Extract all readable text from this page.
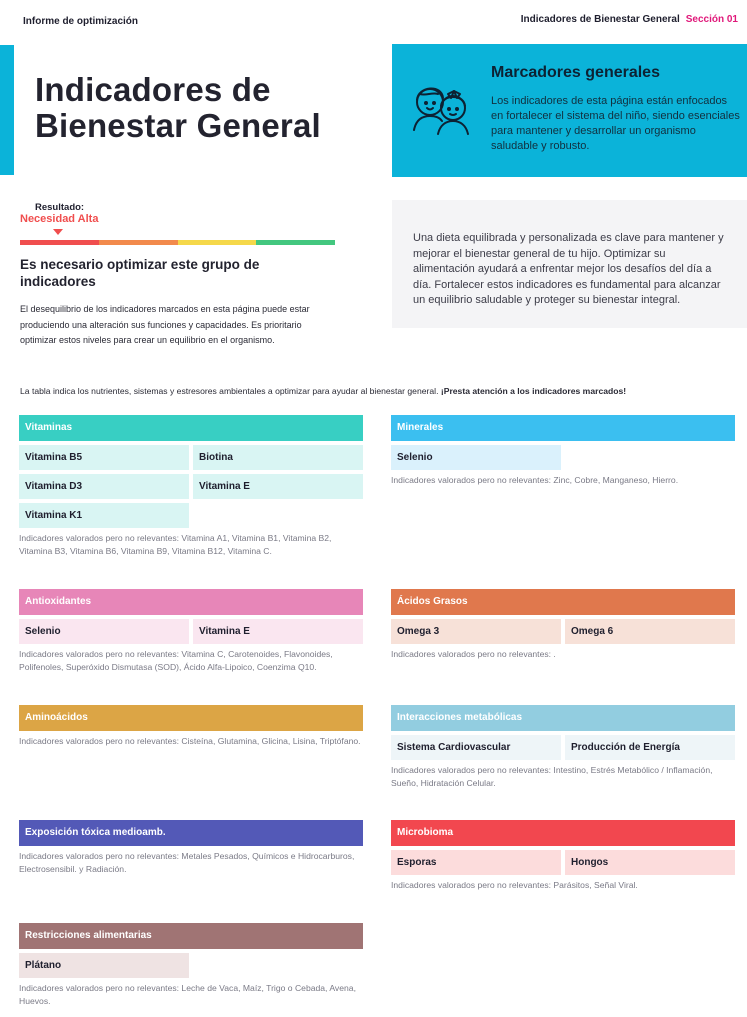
Informe de optimización	Indicadores de Bienestar General Sección 01
Indicadores de
Bienestar General
Marcadores generales
Los indicadores de esta página están enfocados en fortalecer el sistema del niño, siendo esenciales para mantener y desarrollar un organismo saludable y robusto.
Resultado:
Necesidad Alta
Es necesario optimizar este grupo de indicadores

El desequilibrio de los indicadores marcados en esta página puede estar produciendo una alteración sus funciones y capacidades. Es prioritario optimizar estos niveles para crear un equilibrio en el organismo.

Una dieta equilibrada y personalizada es clave para mantener y mejorar el bienestar general de tu hijo. Optimizar su alimentación ayudará a enfrentar mejor los desafíos del día a día. Fortalecer estos indicadores es fundamental para alcanzar un equilibrio saludable y proteger su bienestar integral.

La tabla indica los nutrientes, sistemas y estresores ambientales a optimizar para ayudar al bienestar general. ¡Presta atención a los indicadores marcados!

Vitaminas
Vitamina B5	Biotina
Vitamina D3	Vitamina E
Vitamina K1
Indicadores valorados pero no relevantes: Vitamina A1, Vitamina B1, Vitamina B2, Vitamina B3, Vitamina B6, Vitamina B9, Vitamina B12, Vitamina C.
Minerales
Selenio
Indicadores valorados pero no relevantes: Zinc, Cobre, Manganeso, Hierro.
Antioxidantes
Selenio	Vitamina E
Indicadores valorados pero no relevantes: Vitamina C, Carotenoides, Flavonoides, Polifenoles, Superóxido Dismutasa (SOD), Ácido Alfa-Lipoico, Coenzima Q10.
Ácidos Grasos
Omega 3	Omega 6
Indicadores valorados pero no relevantes: .
Aminoácidos
Indicadores valorados pero no relevantes: Cisteína, Glutamina, Glicina, Lisina, Triptófano.
Interacciones metabólicas
Sistema Cardiovascular	Producción de Energía
Indicadores valorados pero no relevantes: Intestino, Estrés Metabólico / Inflamación, Sueño, Hidratación Celular.
Exposición tóxica medioamb.
Indicadores valorados pero no relevantes: Metales Pesados, Químicos e Hidrocarburos, Electrosensibil. y Radiación.
Microbioma
Esporas	Hongos
Indicadores valorados pero no relevantes: Parásitos, Señal Viral.
Restricciones alimentarias
Plátano
Indicadores valorados pero no relevantes: Leche de Vaca, Maíz, Trigo o Cebada, Avena, Huevos.
